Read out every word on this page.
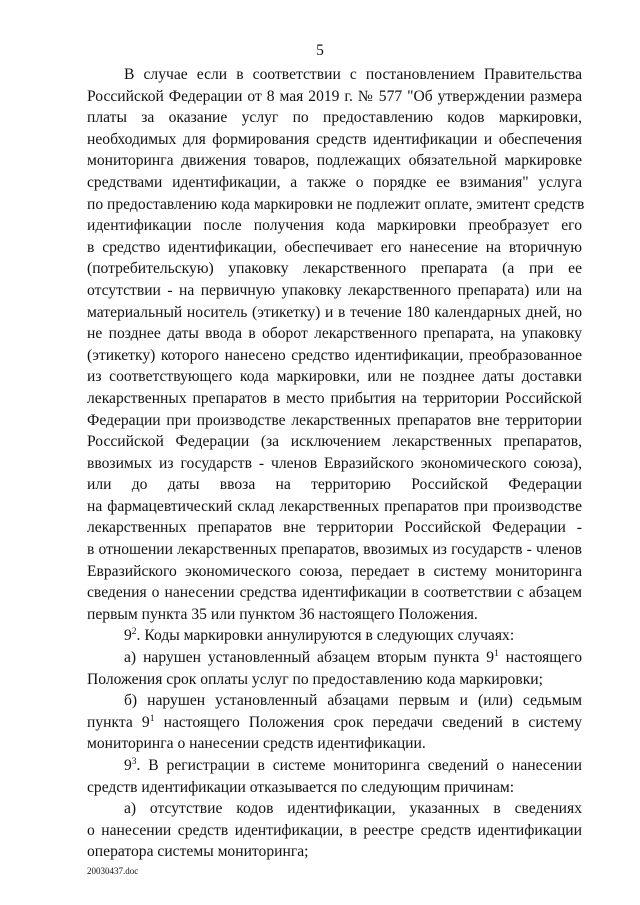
5
В случае если в соответствии с постановлением Правительства
Российской Федерации от 8 мая 2019 г. № 577 "Об утверждении размера
платы за оказание услуг по предоставлению кодов маркировки,
необходимых для формирования средств идентификации и обеспечения
мониторинга движения товаров, подлежащих обязательной маркировке
средствами идентификации, а также о порядке ее взимания" услуга
по предоставлению кода маркировки не подлежит оплате, эмитент средств
идентификации после получения кода маркировки преобразует его
в средство идентификации, обеспечивает его нанесение на вторичную
(потребительскую) упаковку лекарственного препарата (а при ее
отсутствии - на первичную упаковку лекарственного препарата) или на
материальный носитель (этикетку) и в течение 180 календарных дней, но
не позднее даты ввода в оборот лекарственного препарата, на упаковку
(этикетку) которого нанесено средство идентификации, преобразованное
из соответствующего кода маркировки, или не позднее даты доставки
лекарственных препаратов в место прибытия на территории Российской
Федерации при производстве лекарственных препаратов вне территории
Российской Федерации (за исключением лекарственных препаратов,
ввозимых из государств - членов Евразийского экономического союза),
или до даты ввоза на территорию Российской Федерации
на фармацевтический склад лекарственных препаратов при производстве
лекарственных препаратов вне территории Российской Федерации -
в отношении лекарственных препаратов, ввозимых из государств - членов
Евразийского экономического союза, передает в систему мониторинга
сведения о нанесении средства идентификации в соответствии с абзацем
первым пункта 35 или пунктом 36 настоящего Положения.
$9^2$. Коды маркировки аннулируются в следующих случаях:
а) нарушен установленный абзацем вторым пункта $9^1$ настоящего
Положения срок оплаты услуг по предоставлению кода маркировки;
б) нарушен установленный абзацами первым и (или) седьмым
пункта $9^1$ настоящего Положения срок передачи сведений в систему
мониторинга о нанесении средств идентификации.
$9^3$. В регистрации в системе мониторинга сведений о нанесении
средств идентификации отказывается по следующим причинам:
а) отсутствие кодов идентификации, указанных в сведениях
о нанесении средств идентификации, в реестре средств идентификации
оператора системы мониторинга;
20030437.doc
